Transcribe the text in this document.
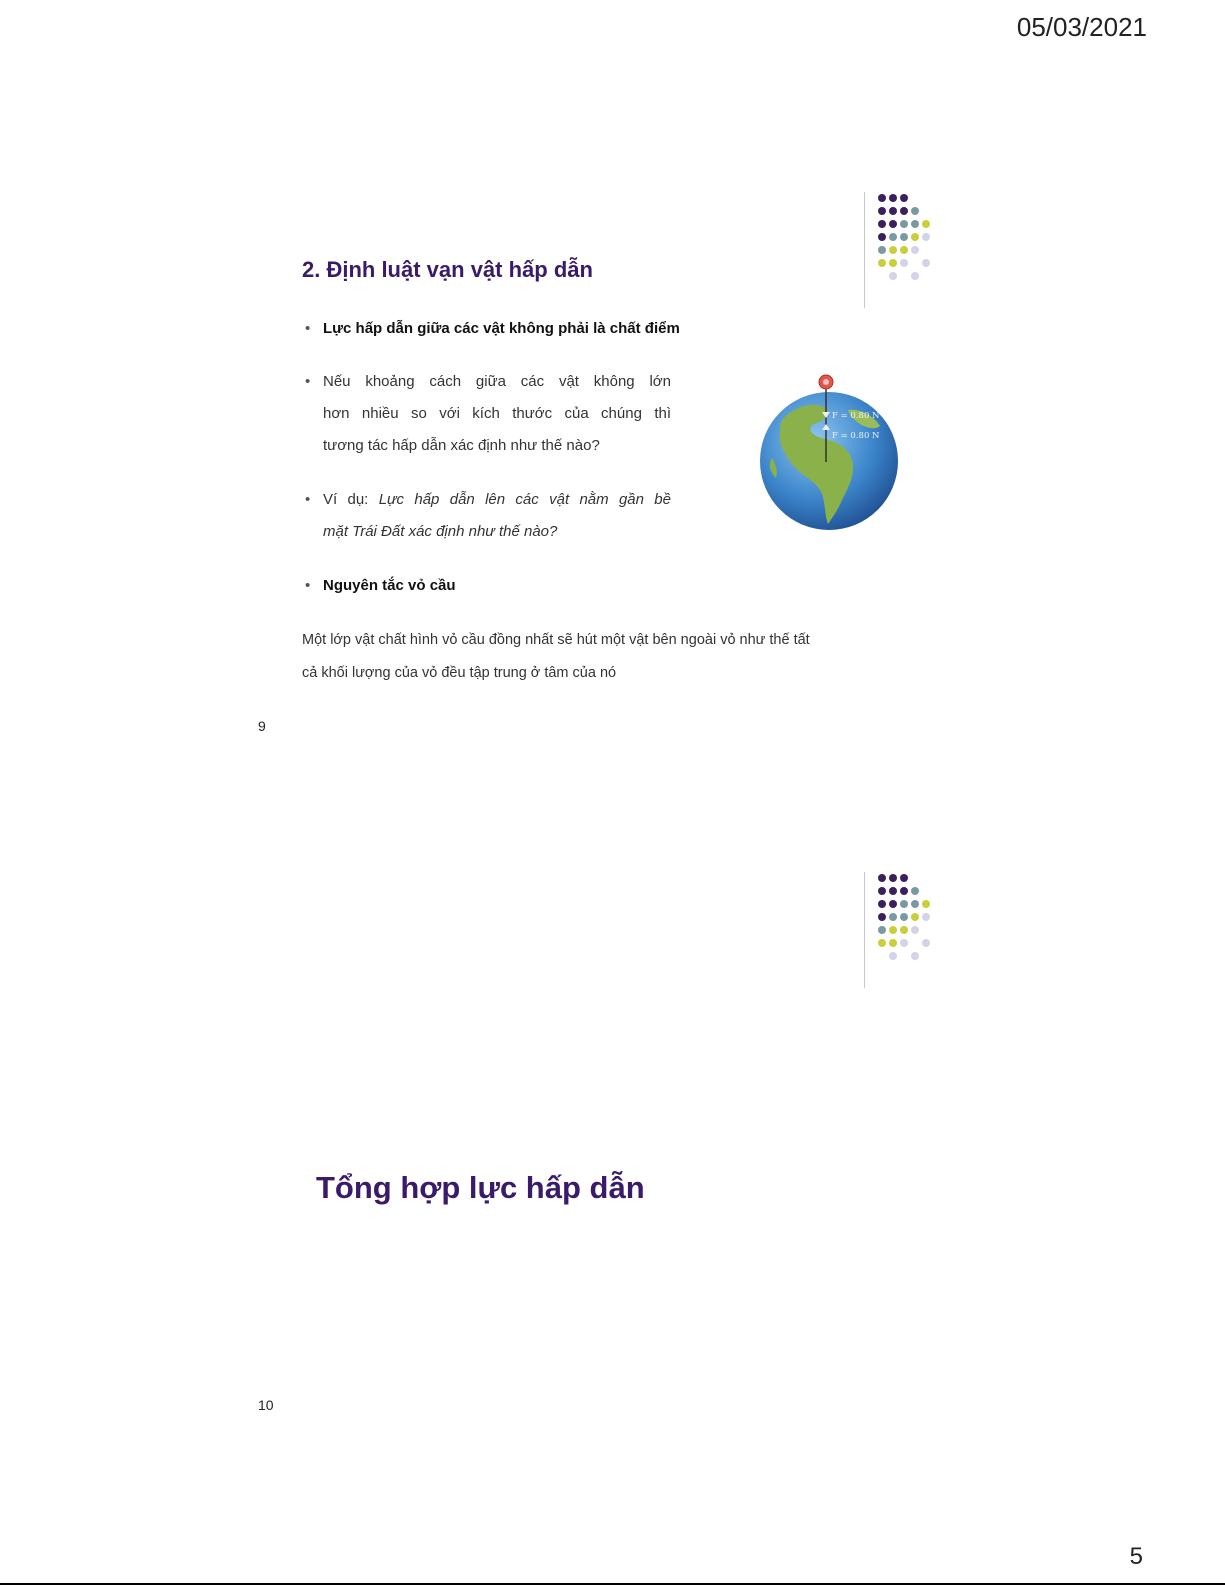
05/03/2021
2. Định luật vạn vật hấp dẫn
• Lực hấp dẫn giữa các vật không phải là chất điểm
• Nếu khoảng cách giữa các vật không lớn
hơn nhiều so với kích thước của chúng thì
tương tác hấp dẫn xác định như thế nào?
• Ví dụ: Lực hấp dẫn lên các vật nằm gần bề
mặt Trái Đất xác định như thế nào?
• Nguyên tắc vỏ cầu
Một lớp vật chất hình vỏ cầu đồng nhất sẽ hút một vật bên ngoài vỏ như thế tất
cả khối lượng của vỏ đều tập trung ở tâm của nó
F = 0.80 N
F = 0.80 N
9
Tổng hợp lực hấp dẫn
10
5
